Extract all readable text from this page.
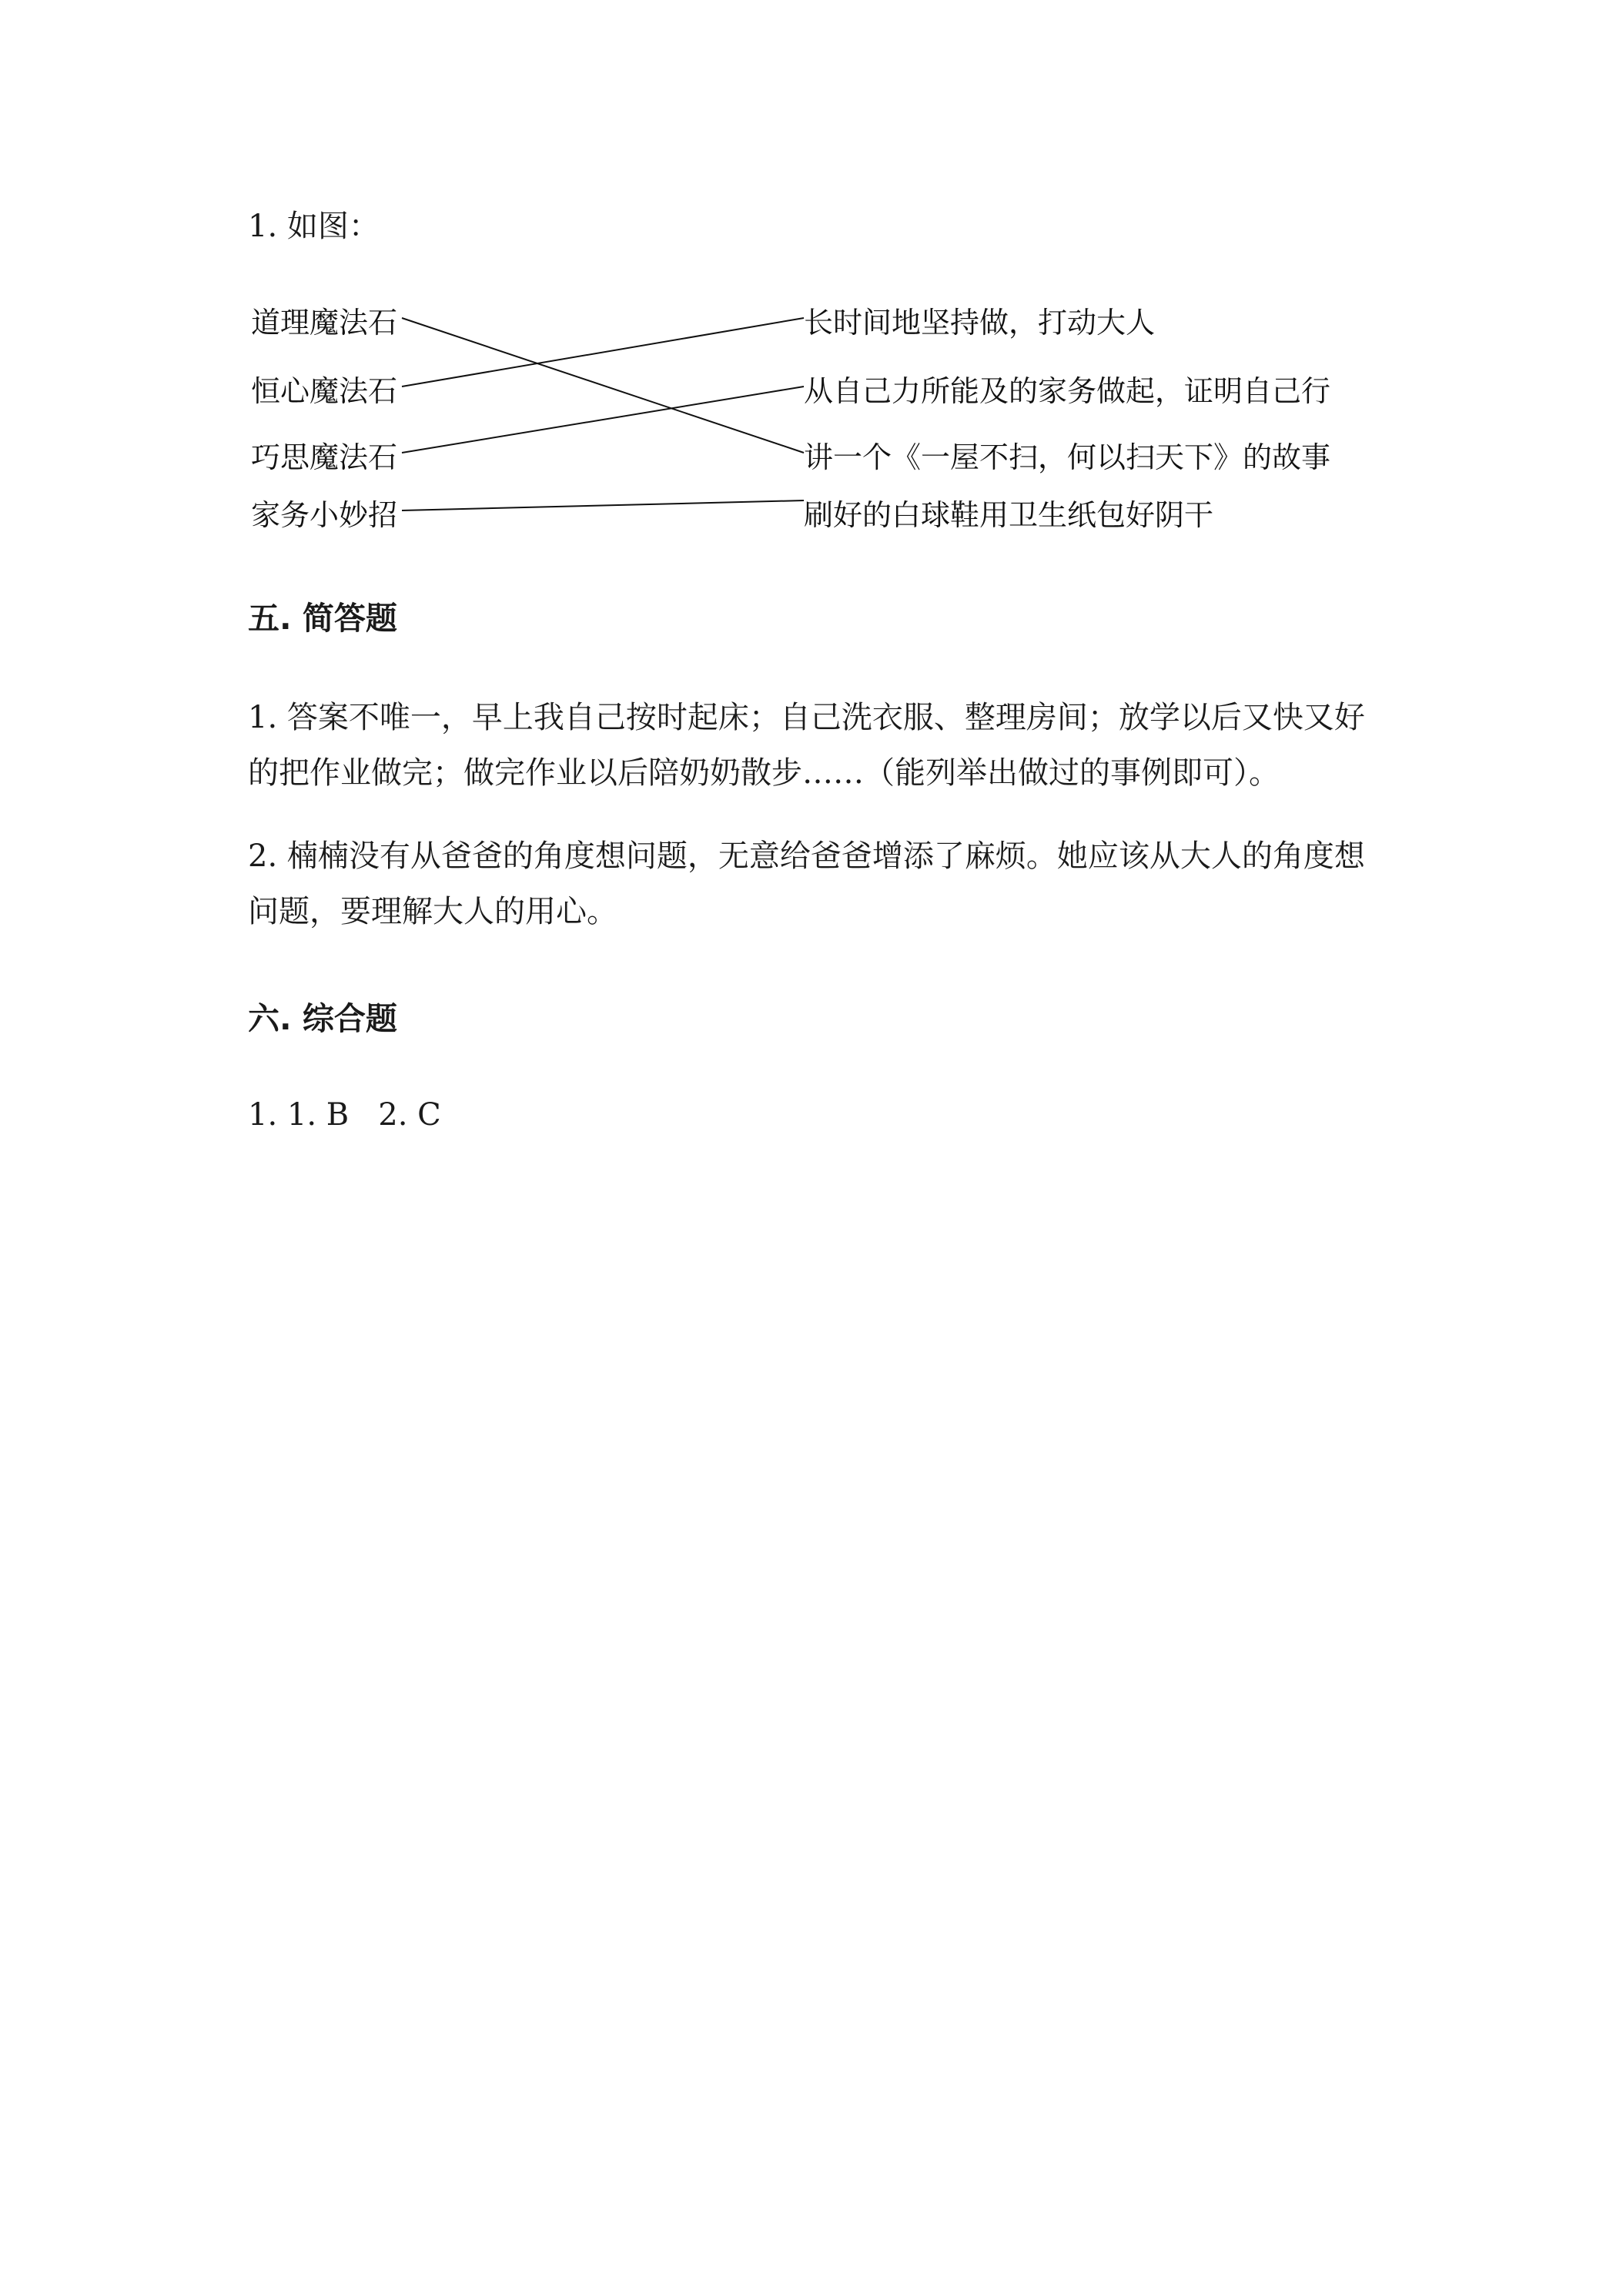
1. 如图：
道理魔法石
恒心魔法石
巧思魔法石
家务小妙招
长时间地坚持做，打动大人
从自己力所能及的家务做起，证明自己行
讲一个《一屋不扫，何以扫天下》的故事
刷好的白球鞋用卫生纸包好阴干
五. 简答题
1. 答案不唯一，早上我自己按时起床；自己洗衣服、整理房间；放学以后又快又好的把作业做完；做完作业以后陪奶奶散步……（能列举出做过的事例即可）。
2. 楠楠没有从爸爸的角度想问题，无意给爸爸增添了麻烦。她应该从大人的角度想问题，要理解大人的用心。
六. 综合题
1. 1. B   2. C
